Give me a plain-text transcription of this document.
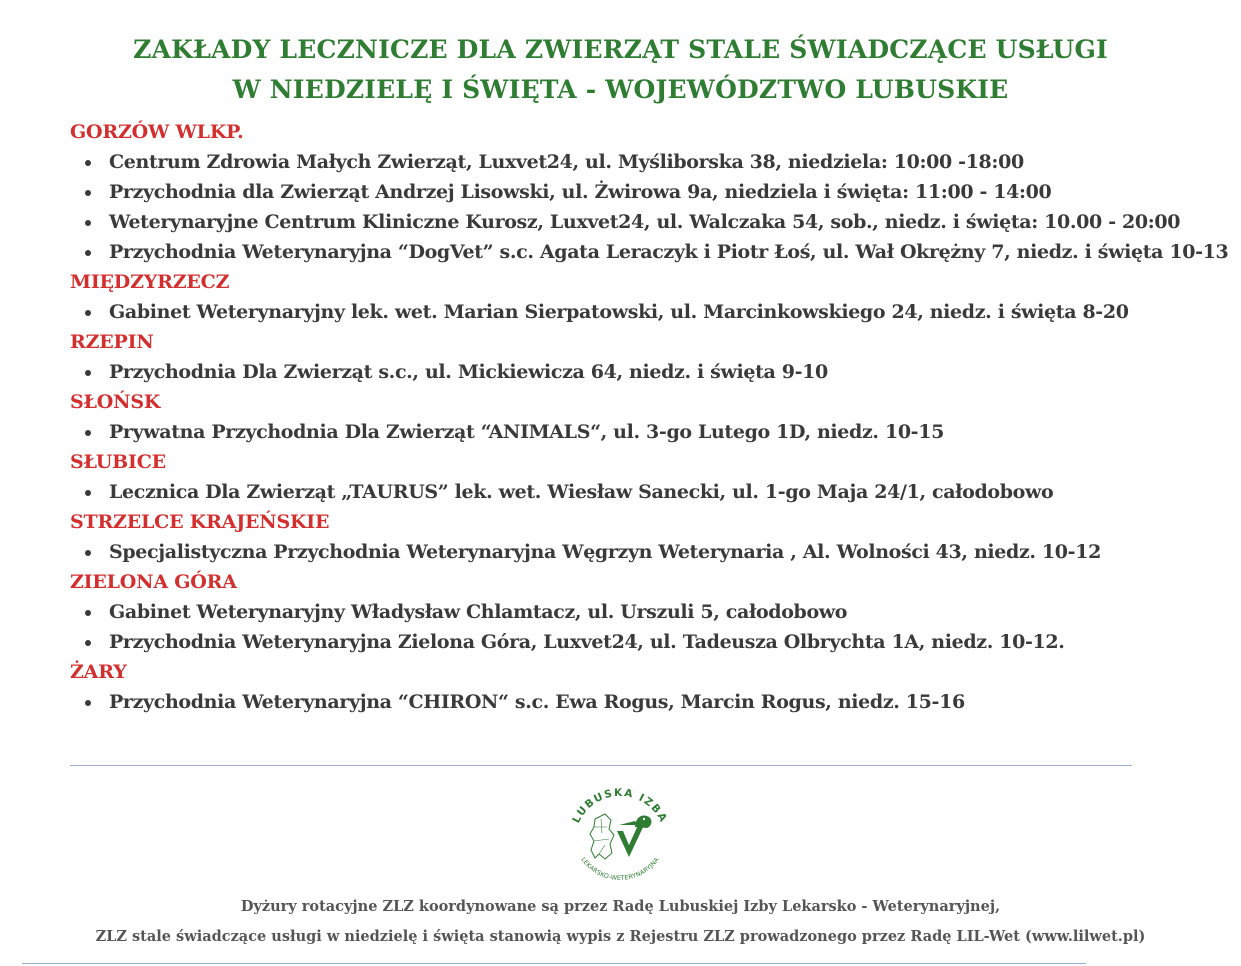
ZAKŁADY LECZNICZE DLA ZWIERZĄT STALE ŚWIADCZĄCE USŁUGI
W NIEDZIELĘ I ŚWIĘTA - WOJEWÓDZTWO LUBUSKIE
GORZÓW WLKP.
Centrum Zdrowia Małych Zwierząt, Luxvet24, ul. Myśliborska 38, niedziela: 10:00 -18:00
Przychodnia dla Zwierząt Andrzej Lisowski, ul. Żwirowa 9a, niedziela i święta: 11:00 - 14:00
Weterynaryjne Centrum Kliniczne Kurosz, Luxvet24, ul. Walczaka 54, sob., niedz. i święta: 10.00 - 20:00
Przychodnia Weterynaryjna “DogVet” s.c. Agata Leraczyk i Piotr Łoś, ul. Wał Okrężny 7, niedz. i święta 10-13
MIĘDZYRZECZ
Gabinet Weterynaryjny lek. wet. Marian Sierpatowski, ul. Marcinkowskiego 24, niedz. i święta 8-20
RZEPIN
Przychodnia Dla Zwierząt s.c., ul. Mickiewicza 64, niedz. i święta 9-10
SŁOŃSK
Prywatna Przychodnia Dla Zwierząt “ANIMALS“, ul. 3-go Lutego 1D, niedz. 10-15
SŁUBICE
Lecznica Dla Zwierząt „TAURUS” lek. wet. Wiesław Sanecki, ul. 1-go Maja 24/1, całodobowo
STRZELCE KRAJEŃSKIE
Specjalistyczna Przychodnia Weterynaryjna Węgrzyn Weterynaria , Al. Wolności 43, niedz. 10-12
ZIELONA GÓRA
Gabinet Weterynaryjny Władysław Chlamtacz, ul. Urszuli 5, całodobowo
Przychodnia Weterynaryjna Zielona Góra, Luxvet24, ul. Tadeusza Olbrychta 1A, niedz. 10-12.
ŻARY
Przychodnia Weterynaryjna “CHIRON“ s.c. Ewa Rogus, Marcin Rogus, niedz. 15-16
LUBUSKA IZBA
LEKARSKO-WETERYNARYJNA
Dyżury rotacyjne ZLZ koordynowane są przez Radę Lubuskiej Izby Lekarsko - Weterynaryjnej,
ZLZ stale świadczące usługi w niedzielę i święta stanowią wypis z Rejestru ZLZ prowadzonego przez Radę LIL-Wet (www.lilwet.pl)
